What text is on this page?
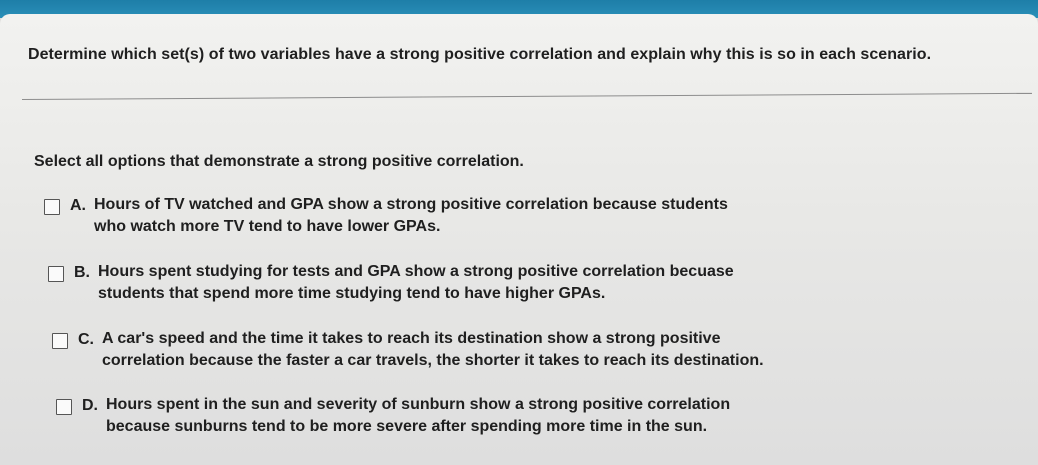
Determine which set(s) of two variables have a strong positive correlation and explain why this is so in each scenario.
Select all options that demonstrate a strong positive correlation.
A. Hours of TV watched and GPA show a strong positive correlation because students
who watch more TV tend to have lower GPAs.
B. Hours spent studying for tests and GPA show a strong positive correlation becuase
students that spend more time studying tend to have higher GPAs.
C. A car's speed and the time it takes to reach its destination show a strong positive
correlation because the faster a car travels, the shorter it takes to reach its destination.
D. Hours spent in the sun and severity of sunburn show a strong positive correlation
because sunburns tend to be more severe after spending more time in the sun.
